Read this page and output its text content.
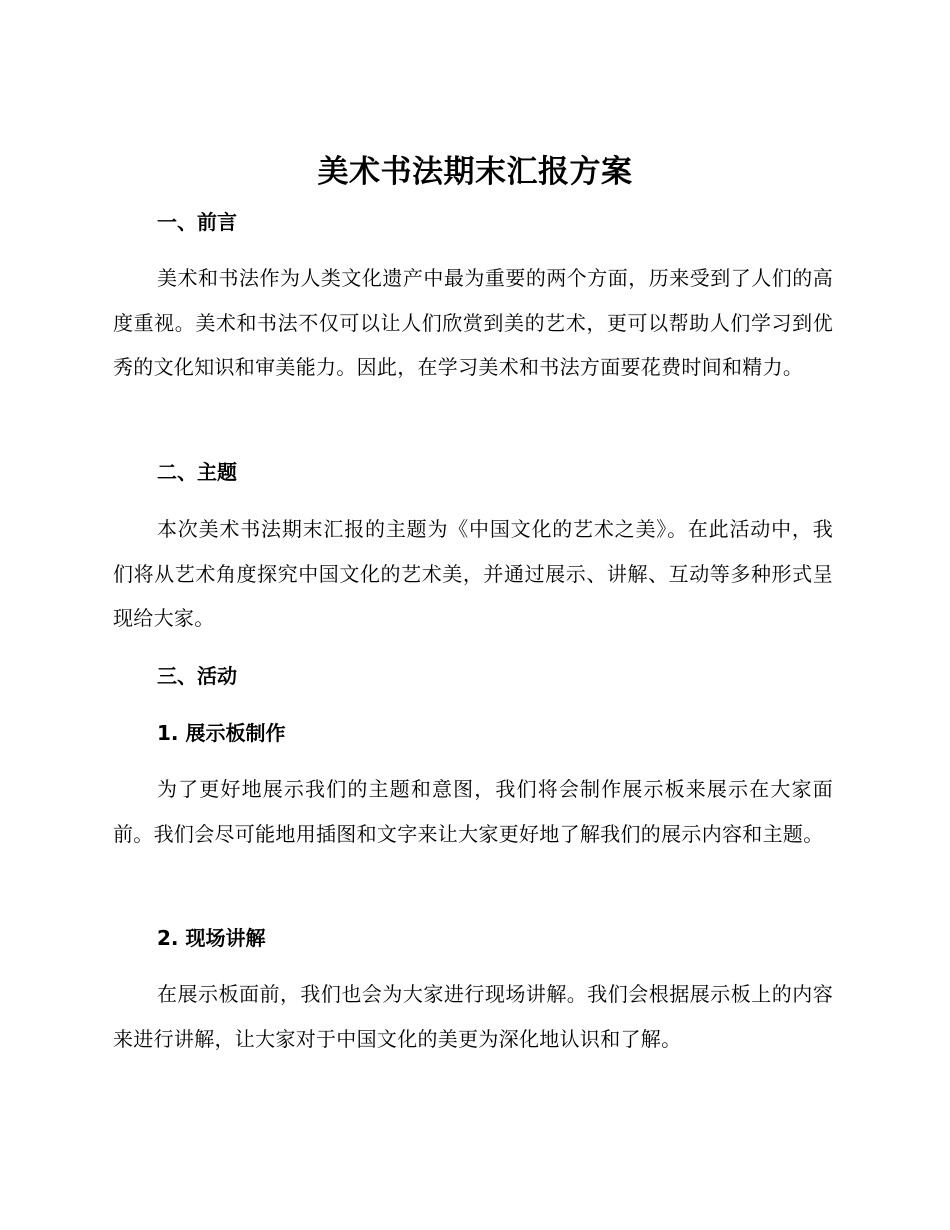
美术书法期末汇报方案
一、前言
美术和书法作为人类文化遗产中最为重要的两个方面，历来受到了人们的高度重视。美术和书法不仅可以让人们欣赏到美的艺术，更可以帮助人们学习到优秀的文化知识和审美能力。因此，在学习美术和书法方面要花费时间和精力。
二、主题
本次美术书法期末汇报的主题为《中国文化的艺术之美》。在此活动中，我们将从艺术角度探究中国文化的艺术美，并通过展示、讲解、互动等多种形式呈现给大家。
三、活动
1. 展示板制作
为了更好地展示我们的主题和意图，我们将会制作展示板来展示在大家面前。我们会尽可能地用插图和文字来让大家更好地了解我们的展示内容和主题。
2. 现场讲解
在展示板面前，我们也会为大家进行现场讲解。我们会根据展示板上的内容来进行讲解，让大家对于中国文化的美更为深化地认识和了解。
